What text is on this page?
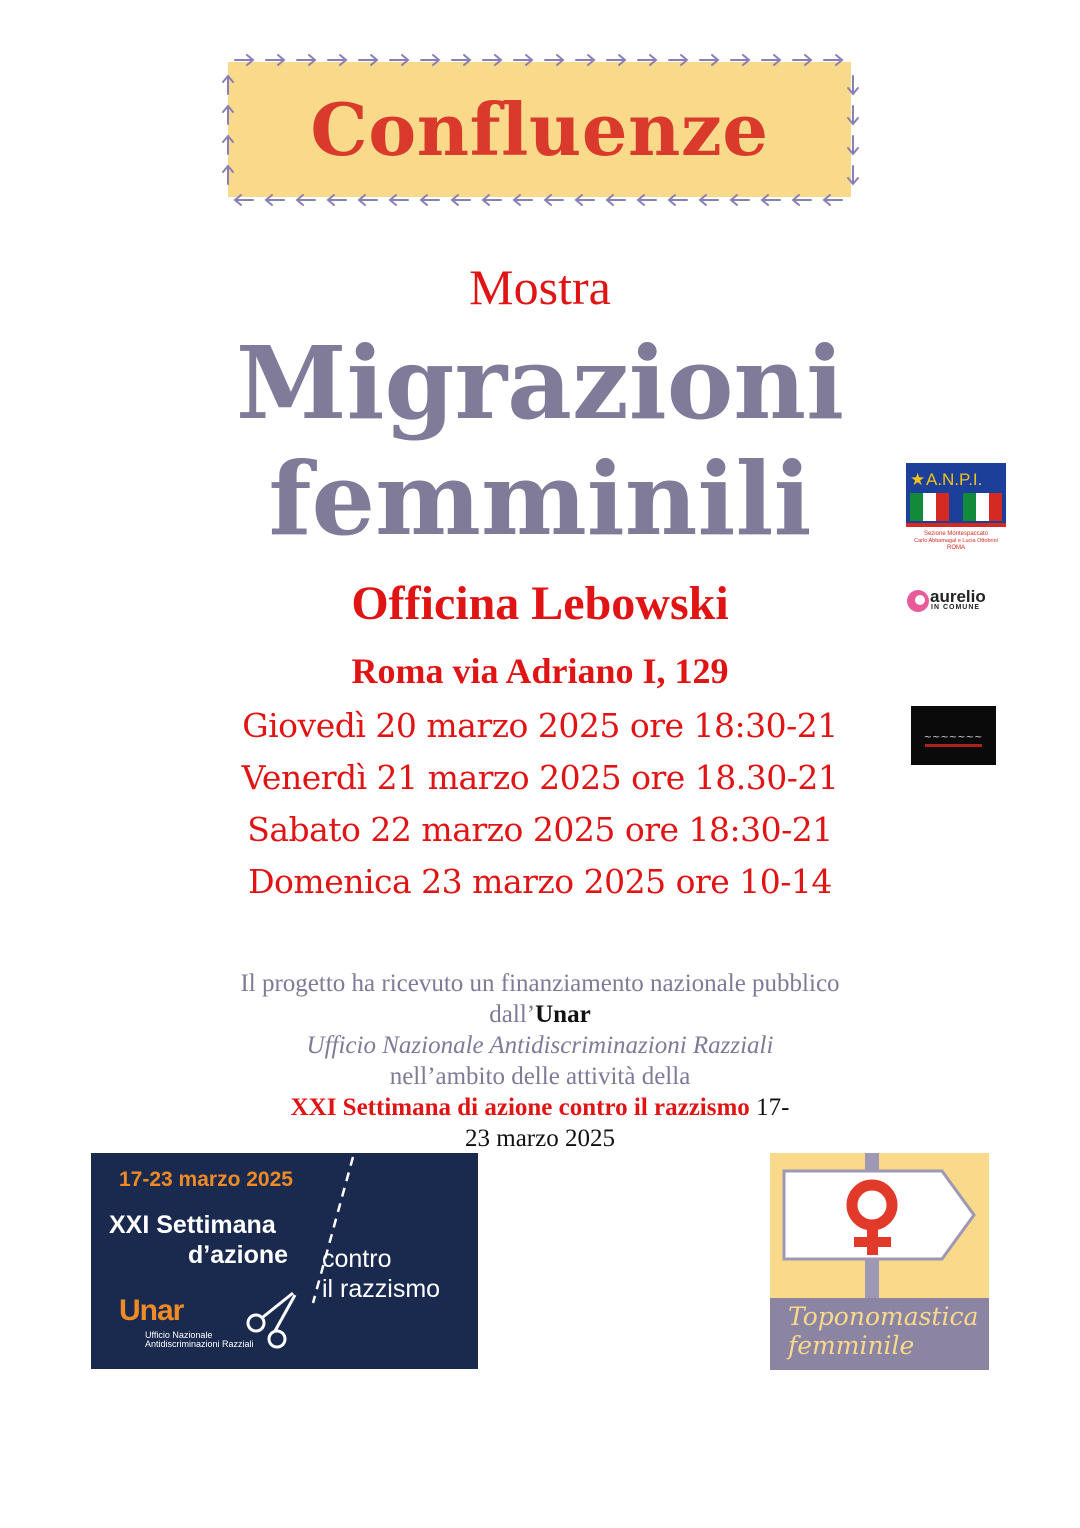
Confluenze
Mostra
Migrazioni
femminili
Officina Lebowski
Roma via Adriano I, 129
Giovedì 20 marzo 2025 ore 18:30-21
Venerdì 21 marzo 2025 ore 18.30-21
Sabato 22 marzo 2025 ore 18:30-21
Domenica 23 marzo 2025 ore 10-14
Il progetto ha ricevuto un finanziamento nazionale pubblico
dall’Unar
Ufficio Nazionale Antidiscriminazioni Razziali
nell’ambito delle attività della
XXI Settimana di azione contro il razzismo 17-
23 marzo 2025
★ A.N.P.I.
Sezione Montespaccato
Carlo Abbamagal e Lucia Ottobrini
ROMA
aurelio
IN COMUNE
~~~~~~~
17-23 marzo 2025
XXI Settimana
d’azione contro
il razzismo
Unar
Ufficio Nazionale
Antidiscriminazioni Razziali
Toponomastica
femminile
